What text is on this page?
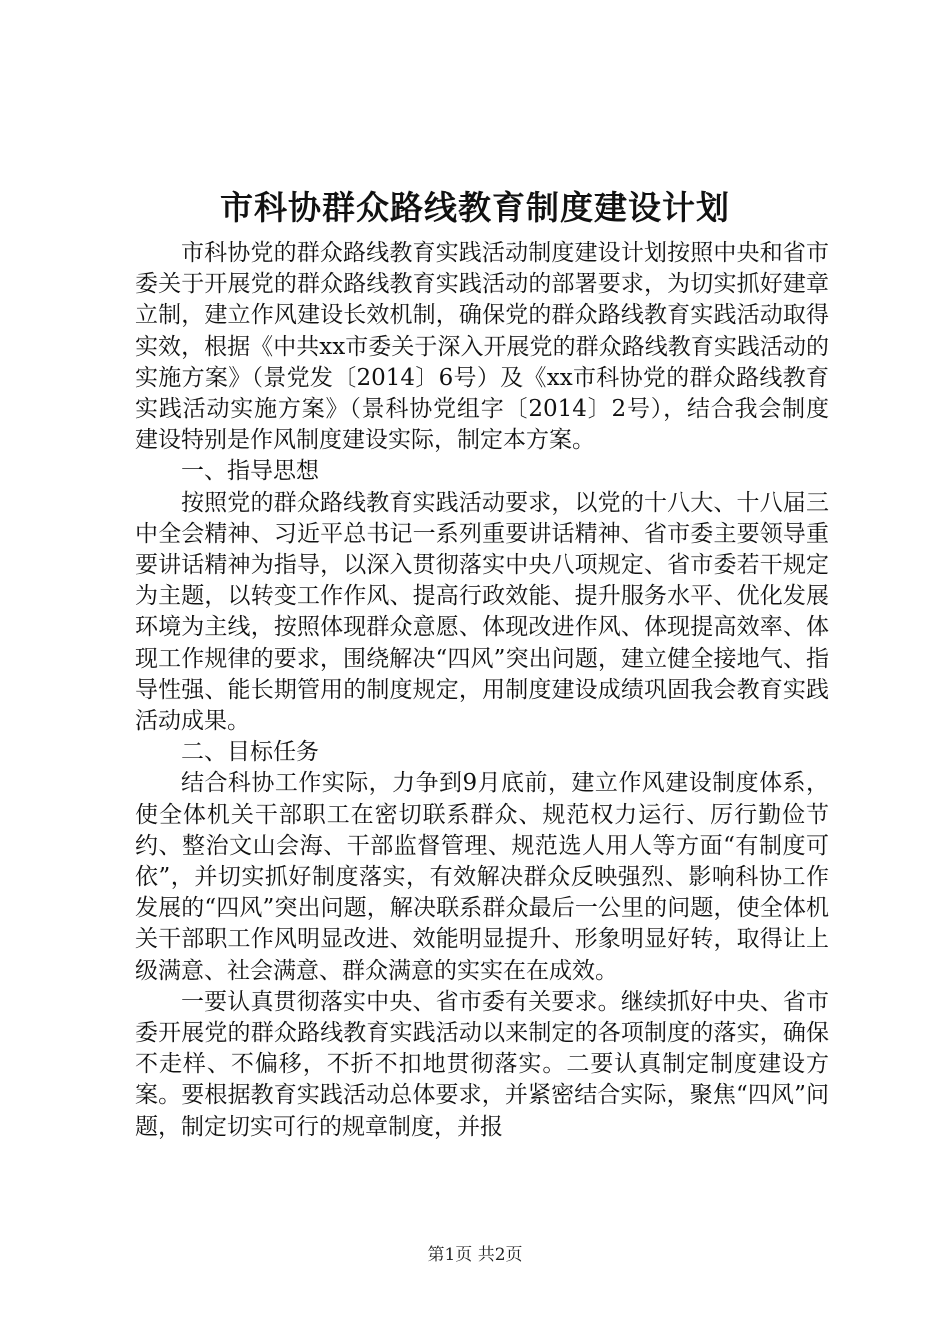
市科协群众路线教育制度建设计划

市科协党的群众路线教育实践活动制度建设计划按照中央和省市委关于开展党的群众路线教育实践活动的部署要求，为切实抓好建章立制，建立作风建设长效机制，确保党的群众路线教育实践活动取得实效，根据《中共xx市委关于深入开展党的群众路线教育实践活动的实施方案》（景党发〔2014〕6号）及《xx市科协党的群众路线教育实践活动实施方案》（景科协党组字〔2014〕2号），结合我会制度建设特别是作风制度建设实际，制定本方案。

一、指导思想

按照党的群众路线教育实践活动要求，以党的十八大、十八届三中全会精神、习近平总书记一系列重要讲话精神、省市委主要领导重要讲话精神为指导，以深入贯彻落实中央八项规定、省市委若干规定为主题，以转变工作作风、提高行政效能、提升服务水平、优化发展环境为主线，按照体现群众意愿、体现改进作风、体现提高效率、体现工作规律的要求，围绕解决“四风”突出问题，建立健全接地气、指导性强、能长期管用的制度规定，用制度建设成绩巩固我会教育实践活动成果。

二、目标任务

结合科协工作实际，力争到9月底前，建立作风建设制度体系，使全体机关干部职工在密切联系群众、规范权力运行、厉行勤俭节约、整治文山会海、干部监督管理、规范选人用人等方面“有制度可依”，并切实抓好制度落实，有效解决群众反映强烈、影响科协工作发展的“四风”突出问题，解决联系群众最后一公里的问题，使全体机关干部职工作风明显改进、效能明显提升、形象明显好转，取得让上级满意、社会满意、群众满意的实实在在成效。

一要认真贯彻落实中央、省市委有关要求。继续抓好中央、省市委开展党的群众路线教育实践活动以来制定的各项制度的落实，确保不走样、不偏移，不折不扣地贯彻落实。二要认真制定制度建设方案。要根据教育实践活动总体要求，并紧密结合实际，聚焦“四风”问题，制定切实可行的规章制度，并报

第1页 共2页
